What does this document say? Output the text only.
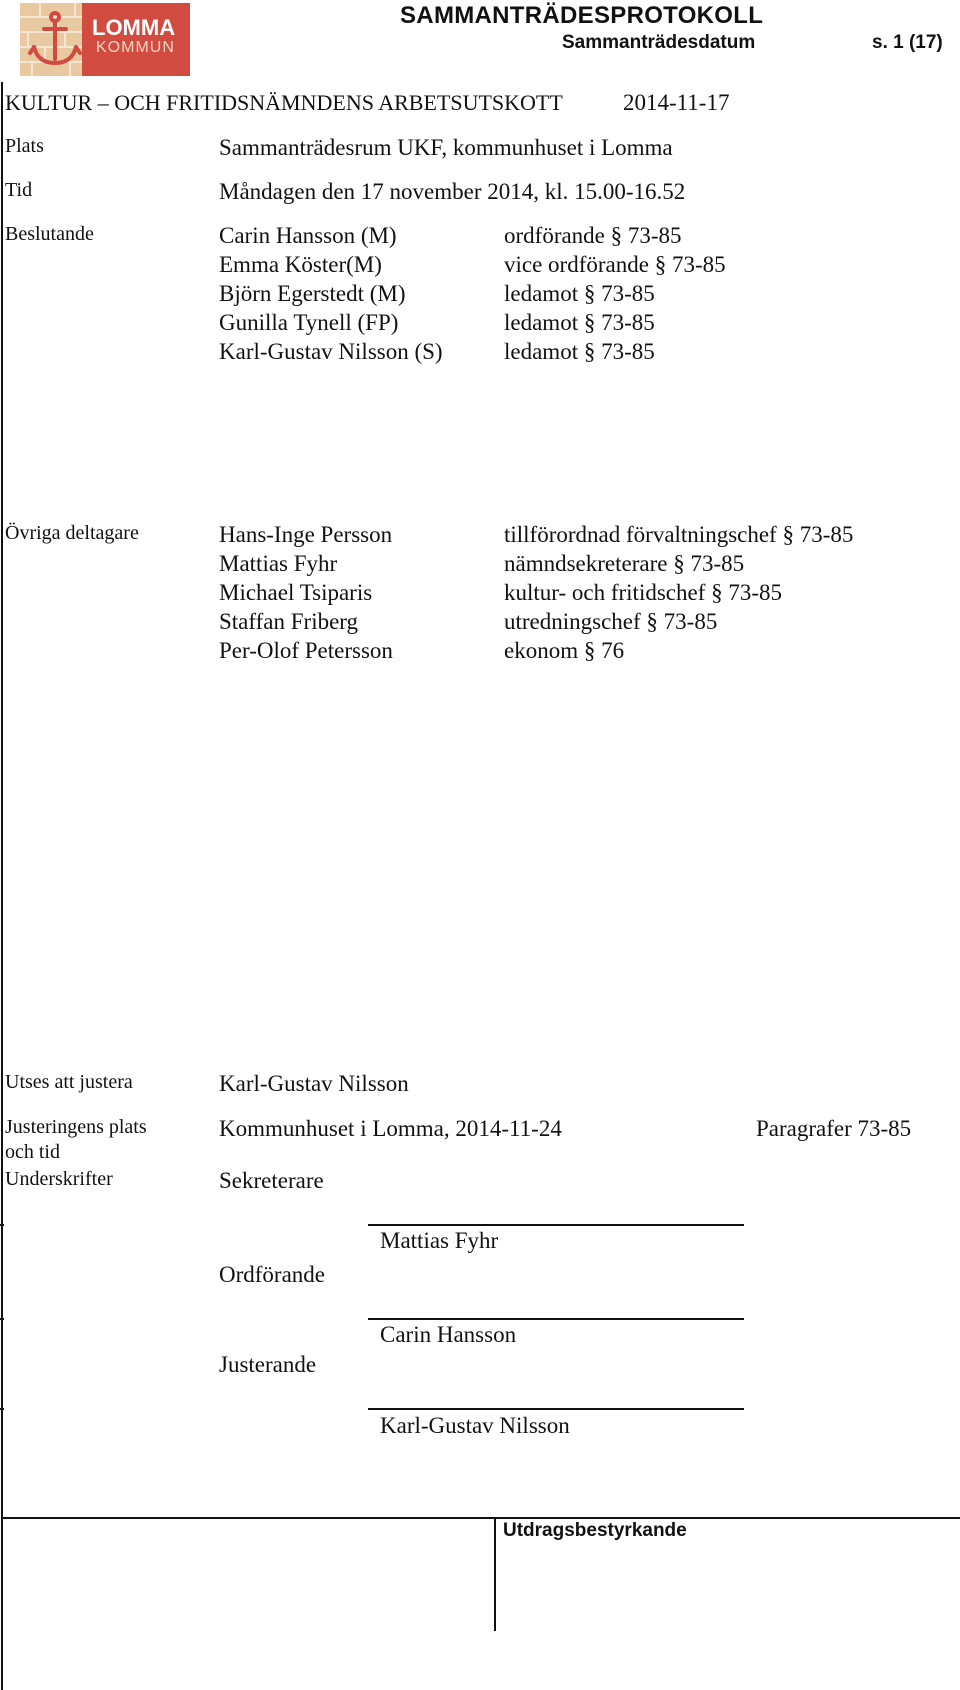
LOMMA
KOMMUN
SAMMANTRÄDESPROTOKOLL
Sammanträdesdatum	s. 1 (17)
KULTUR – OCH FRITIDSNÄMNDENS ARBETSUTSKOTT	2014-11-17
Plats	Sammanträdesrum UKF, kommunhuset i Lomma
Tid	Måndagen den 17 november 2014, kl. 15.00-16.52
Beslutande	Carin Hansson (M)	ordförande § 73-85
Emma Köster(M)	vice ordförande § 73-85
Björn Egerstedt (M)	ledamot § 73-85
Gunilla Tynell (FP)	ledamot § 73-85
Karl-Gustav Nilsson (S)	ledamot § 73-85
Övriga deltagare	Hans-Inge Persson	tillförordnad förvaltningschef § 73-85
Mattias Fyhr	nämndsekreterare § 73-85
Michael Tsiparis	kultur- och fritidschef § 73-85
Staffan Friberg	utredningschef § 73-85
Per-Olof Petersson	ekonom § 76
Utses att justera	Karl-Gustav Nilsson
Justeringens plats
och tid
Kommunhuset i Lomma, 2014-11-24	Paragrafer 73-85
Underskrifter	Sekreterare
Mattias Fyhr
Ordförande
Carin Hansson
Justerande
Karl-Gustav Nilsson
Utdragsbestyrkande
